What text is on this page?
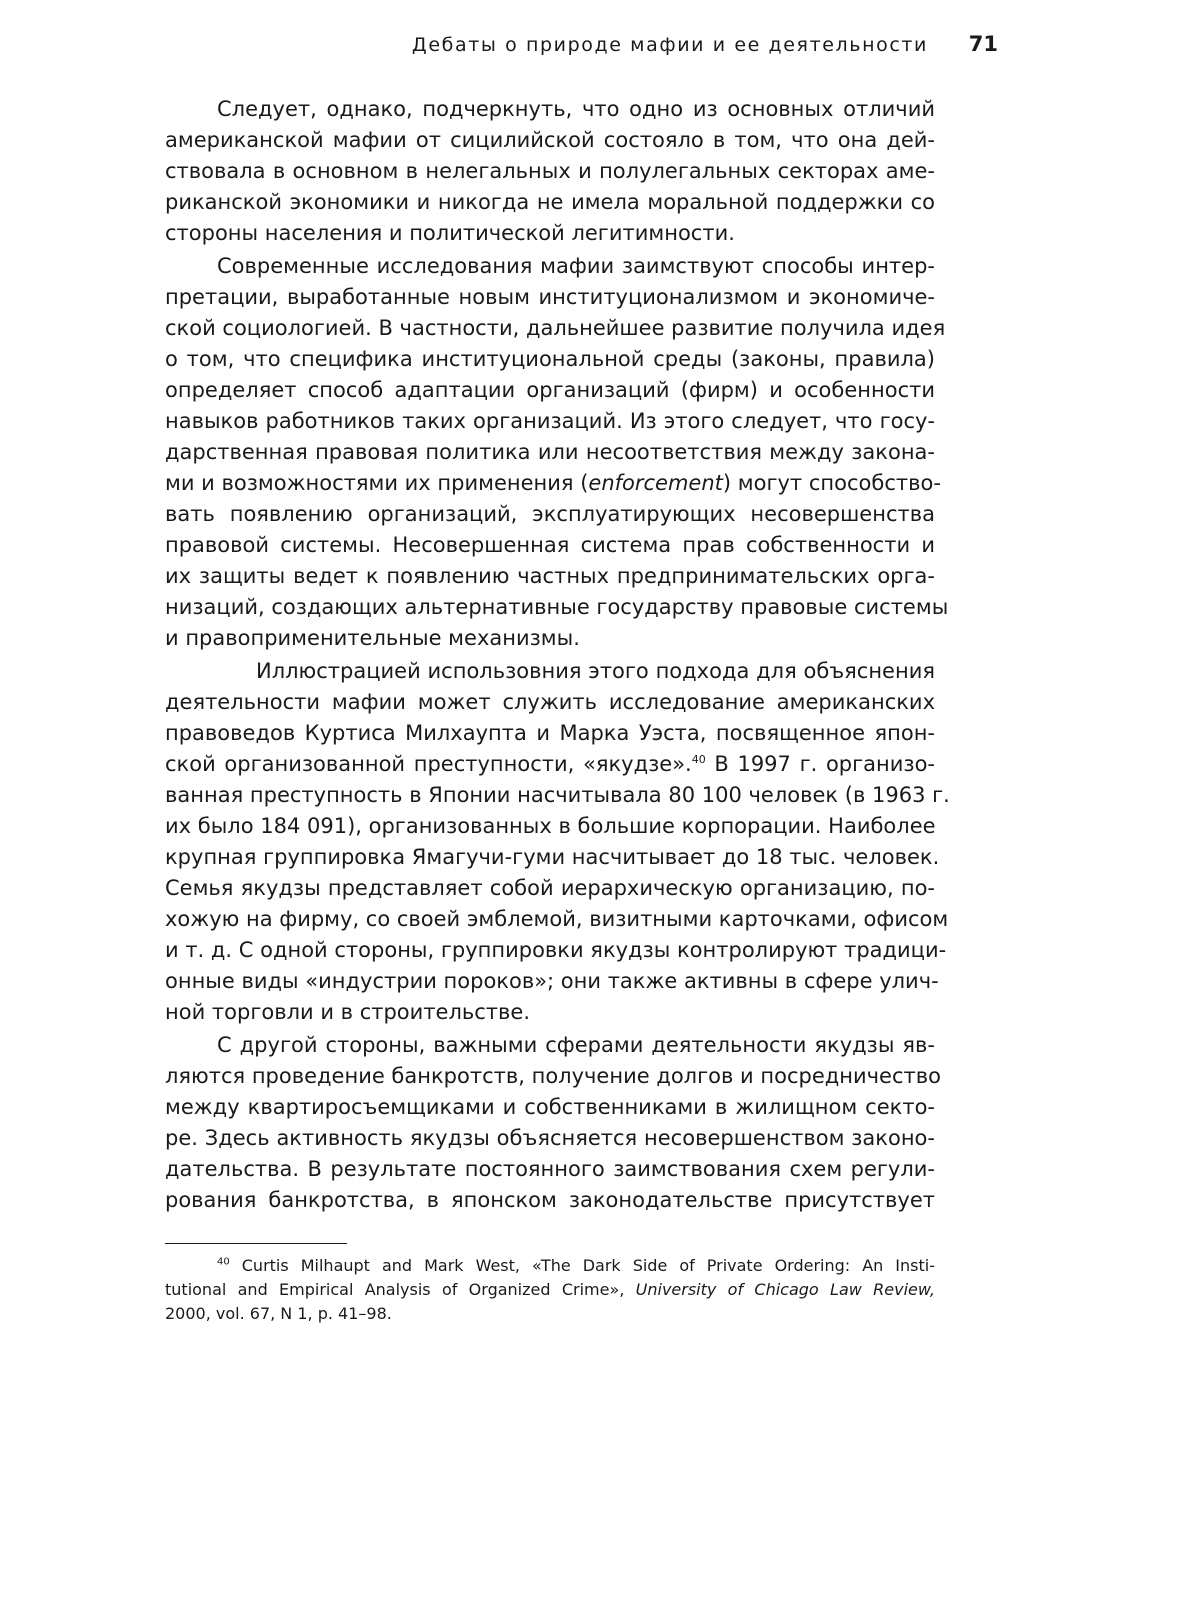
Дебаты о природе мафии и ее деятельности 71
Следует, однако, подчеркнуть, что одно из основных отличий
американской мафии от сицилийской состояло в том, что она дей-
ствовала в основном в нелегальных и полулегальных секторах аме-
риканской экономики и никогда не имела моральной поддержки со
стороны населения и политической легитимности.
Современные исследования мафии заимствуют способы интер-
претации, выработанные новым институционализмом и экономиче-
ской социологией. В частности, дальнейшее развитие получила идея
о том, что специфика институциональной среды (законы, правила)
определяет способ адаптации организаций (фирм) и особенности
навыков работников таких организаций. Из этого следует, что госу-
дарственная правовая политика или несоответствия между закона-
ми и возможностями их применения (enforcement) могут способство-
вать появлению организаций, эксплуатирующих несовершенства
правовой системы. Несовершенная система прав собственности и
их защиты ведет к появлению частных предпринимательских орга-
низаций, создающих альтернативные государству правовые системы
и правоприменительные механизмы.
Иллюстрацией использовния этого подхода для объяснения
деятельности мафии может служить исследование американских
правоведов Куртиса Милхаупта и Марка Уэста, посвященное япон-
ской организованной преступности, «якудзе».$^{40}$ В 1997 г. организо-
ванная преступность в Японии насчитывала 80 100 человек (в 1963 г.
их было 184 091), организованных в большие корпорации. Наиболее
крупная группировка Ямагучи-гуми насчитывает до 18 тыс. человек.
Семья якудзы представляет собой иерархическую организацию, по-
хожую на фирму, со своей эмблемой, визитными карточками, офисом
и т. д. С одной стороны, группировки якудзы контролируют традици-
онные виды «индустрии пороков»; они также активны в сфере улич-
ной торговли и в строительстве.
С другой стороны, важными сферами деятельности якудзы яв-
ляются проведение банкротств, получение долгов и посредничество
между квартиросъемщиками и собственниками в жилищном секто-
ре. Здесь активность якудзы объясняется несовершенством законо-
дательства. В результате постоянного заимствования схем регули-
рования банкротства, в японском законодательстве присутствует
$^{40}$ Curtis Milhaupt and Mark West, «The Dark Side of Private Ordering: An Insti-
tutional and Empirical Analysis of Organized Crime», University of Chicago Law Review,
2000, vol. 67, N 1, p. 41–98.
